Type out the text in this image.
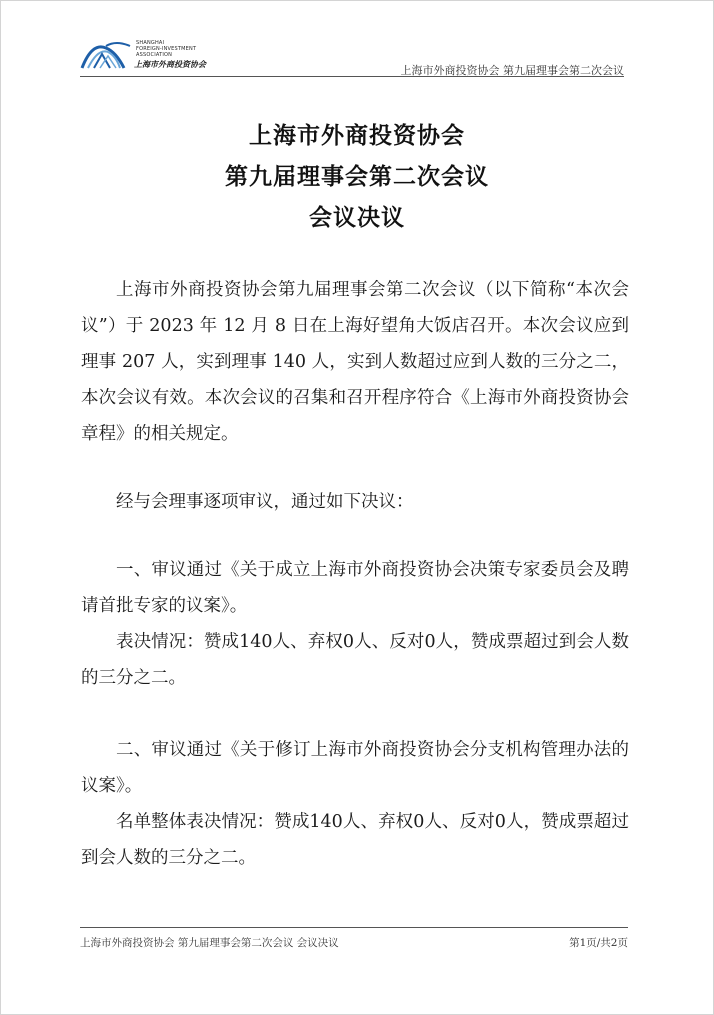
SHANGHAI
FOREIGN-INVESTMENT
ASSOCIATION
上海市外商投资协会	上海市外商投资协会 第九届理事会第二次会议
上海市外商投资协会
第九届理事会第二次会议
会议决议

上海市外商投资协会第九届理事会第二次会议（以下简称“本次会议”）于 2023 年 12 月 8 日在上海好望角大饭店召开。本次会议应到理事 207 人，实到理事 140 人，实到人数超过应到人数的三分之二，本次会议有效。本次会议的召集和召开程序符合《上海市外商投资协会章程》的相关规定。

经与会理事逐项审议，通过如下决议：

一、审议通过《关于成立上海市外商投资协会决策专家委员会及聘请首批专家的议案》。

表决情况：赞成140人、弃权0人、反对0人，赞成票超过到会人数的三分之二。

二、审议通过《关于修订上海市外商投资协会分支机构管理办法的议案》。

名单整体表决情况：赞成140人、弃权0人、反对0人，赞成票超过到会人数的三分之二。

上海市外商投资协会 第九届理事会第二次会议 会议决议	第1页/共2页
